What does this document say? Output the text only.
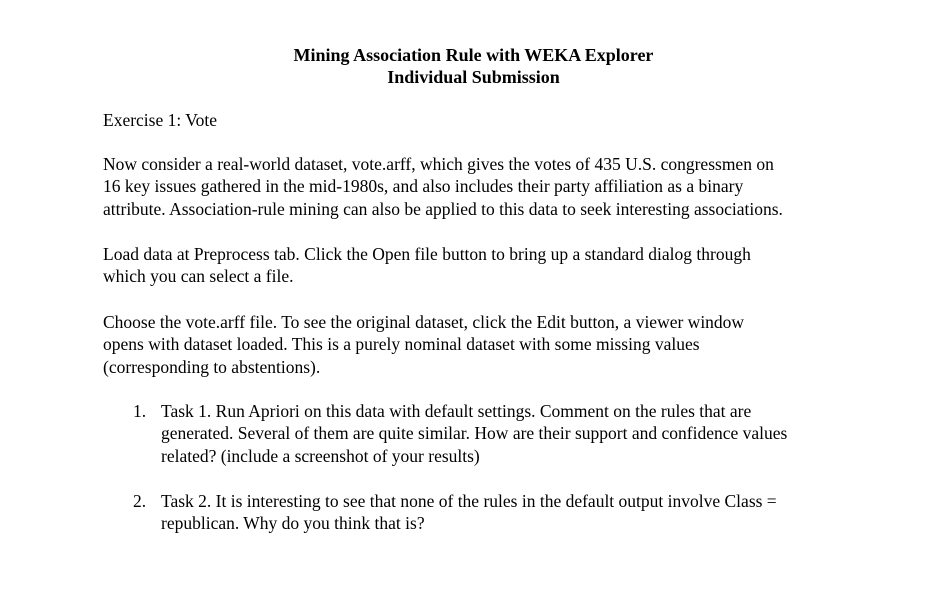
Mining Association Rule with WEKA Explorer
Individual Submission
Exercise 1: Vote
Now consider a real-world dataset, vote.arff, which gives the votes of 435 U.S. congressmen on
16 key issues gathered in the mid-1980s, and also includes their party affiliation as a binary
attribute. Association-rule mining can also be applied to this data to seek interesting associations.
Load data at Preprocess tab. Click the Open file button to bring up a standard dialog through
which you can select a file.
Choose the vote.arff file. To see the original dataset, click the Edit button, a viewer window
opens with dataset loaded. This is a purely nominal dataset with some missing values
(corresponding to abstentions).
1. Task 1. Run Apriori on this data with default settings. Comment on the rules that are
generated. Several of them are quite similar. How are their support and confidence values
related? (include a screenshot of your results)
2. Task 2. It is interesting to see that none of the rules in the default output involve Class =
republican. Why do you think that is?
